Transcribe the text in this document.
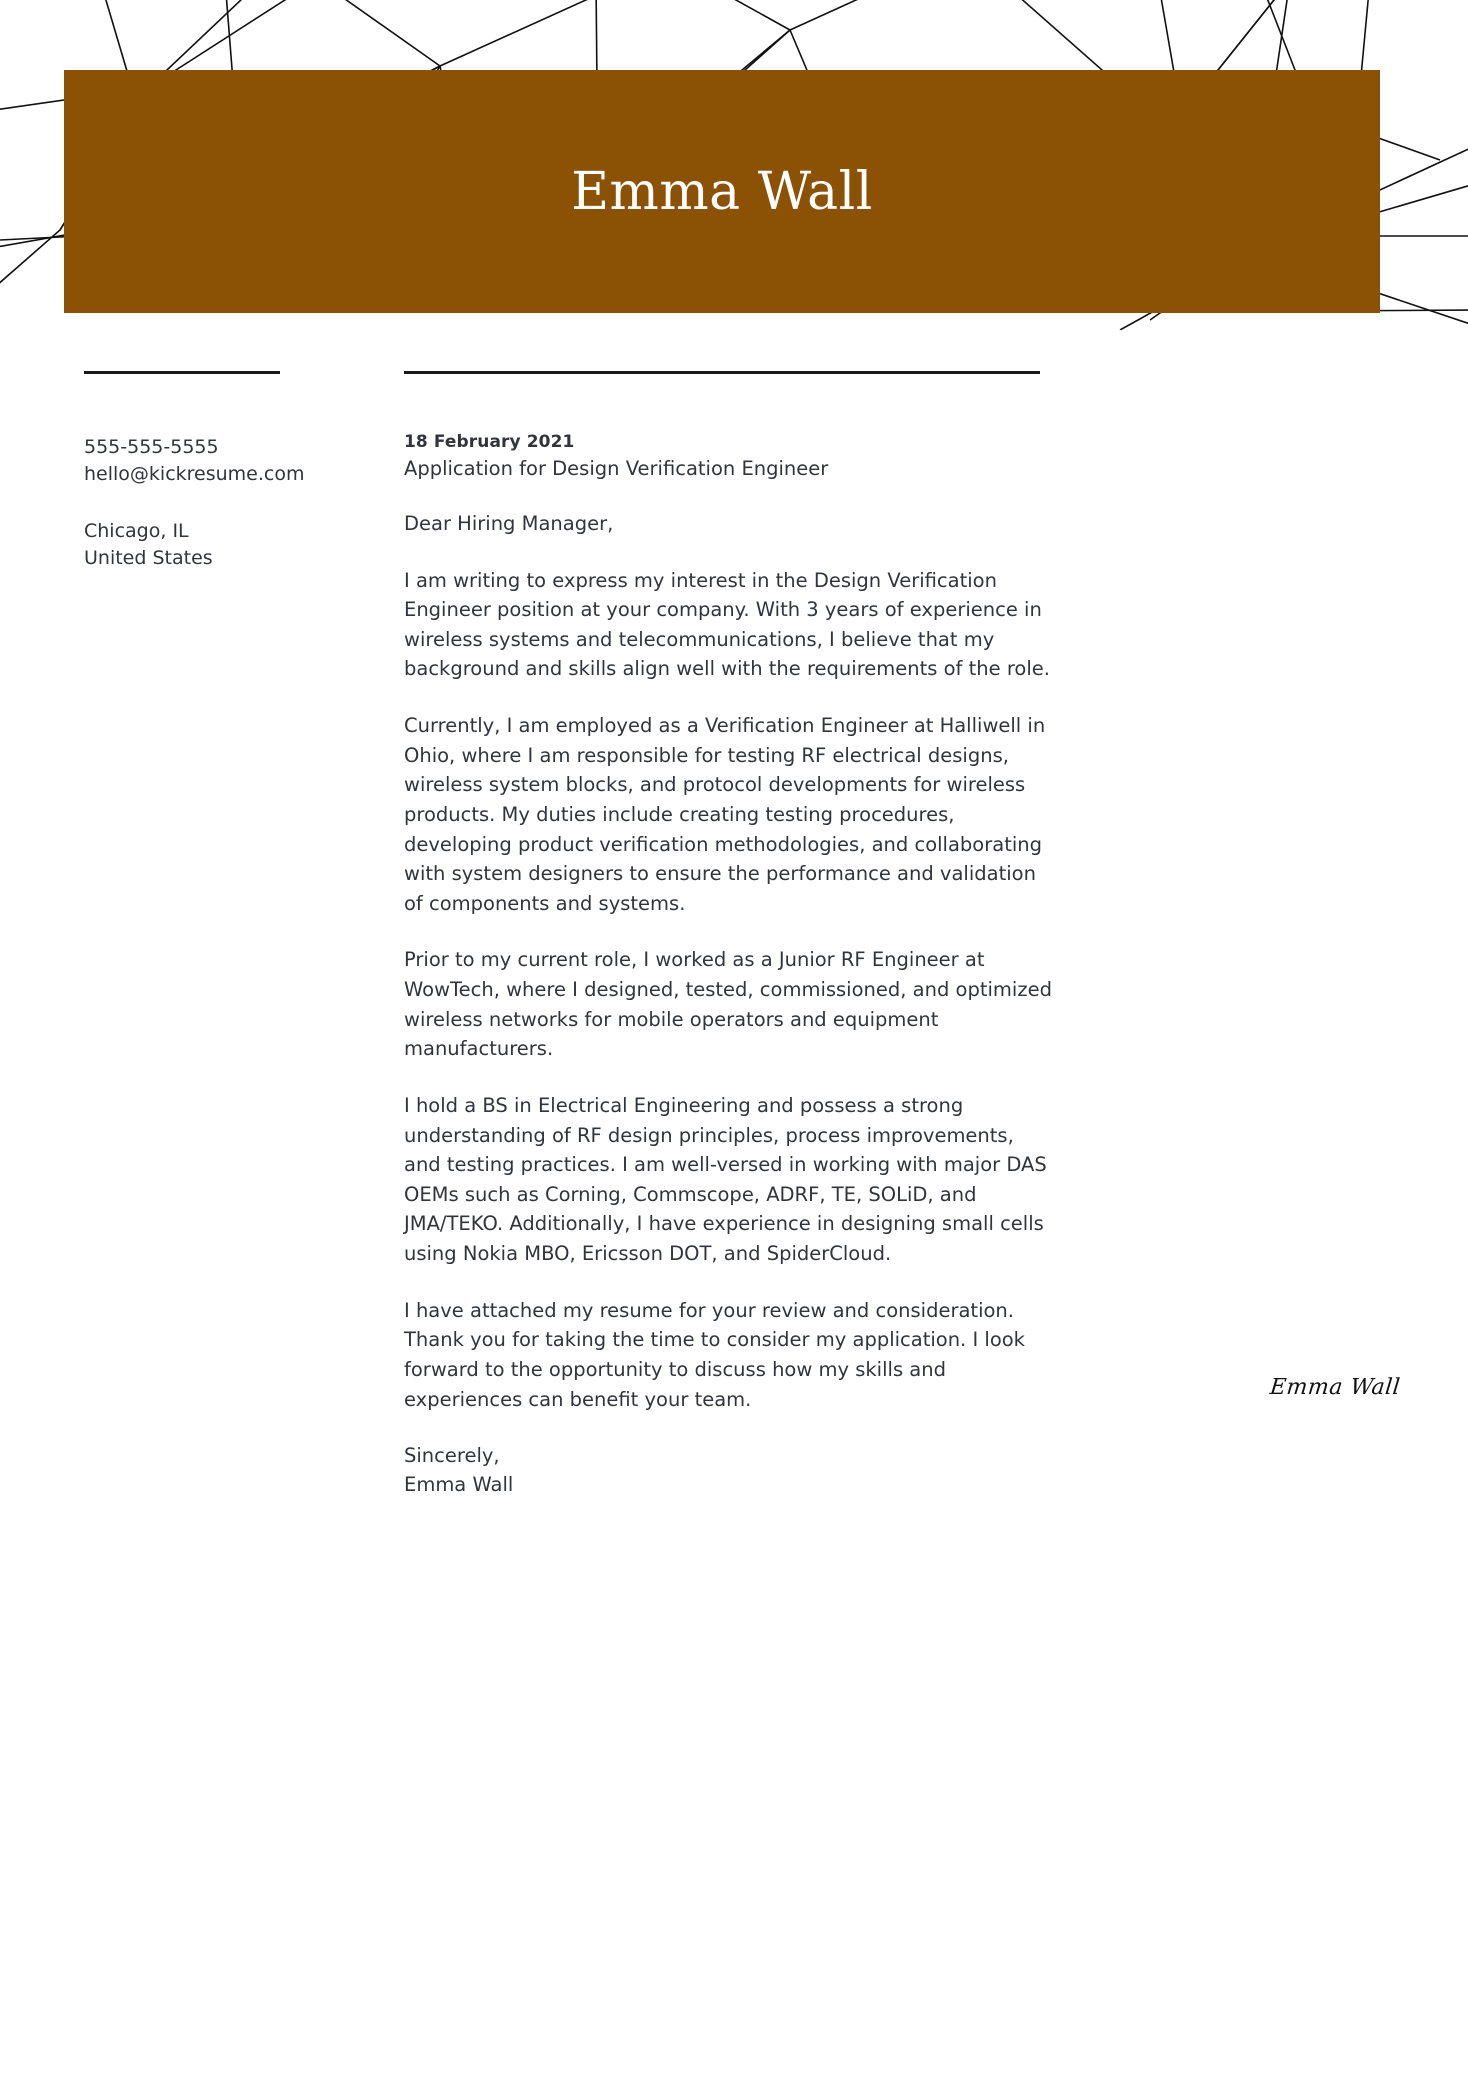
Emma Wall
555-555-5555
hello@kickresume.com
Chicago, IL
United States
18 February 2021
Application for Design Verification Engineer
Dear Hiring Manager,

I am writing to express my interest in the Design Verification Engineer position at your company. With 3 years of experience in wireless systems and telecommunications, I believe that my background and skills align well with the requirements of the role.

Currently, I am employed as a Verification Engineer at Halliwell in Ohio, where I am responsible for testing RF electrical designs, wireless system blocks, and protocol developments for wireless products. My duties include creating testing procedures, developing product verification methodologies, and collaborating with system designers to ensure the performance and validation of components and systems.

Prior to my current role, I worked as a Junior RF Engineer at WowTech, where I designed, tested, commissioned, and optimized wireless networks for mobile operators and equipment manufacturers.

I hold a BS in Electrical Engineering and possess a strong understanding of RF design principles, process improvements, and testing practices. I am well-versed in working with major DAS OEMs such as Corning, Commscope, ADRF, TE, SOLiD, and JMA/TEKO. Additionally, I have experience in designing small cells using Nokia MBO, Ericsson DOT, and SpiderCloud.

I have attached my resume for your review and consideration. Thank you for taking the time to consider my application. I look forward to the opportunity to discuss how my skills and experiences can benefit your team.

Sincerely,
Emma Wall
Emma Wall
